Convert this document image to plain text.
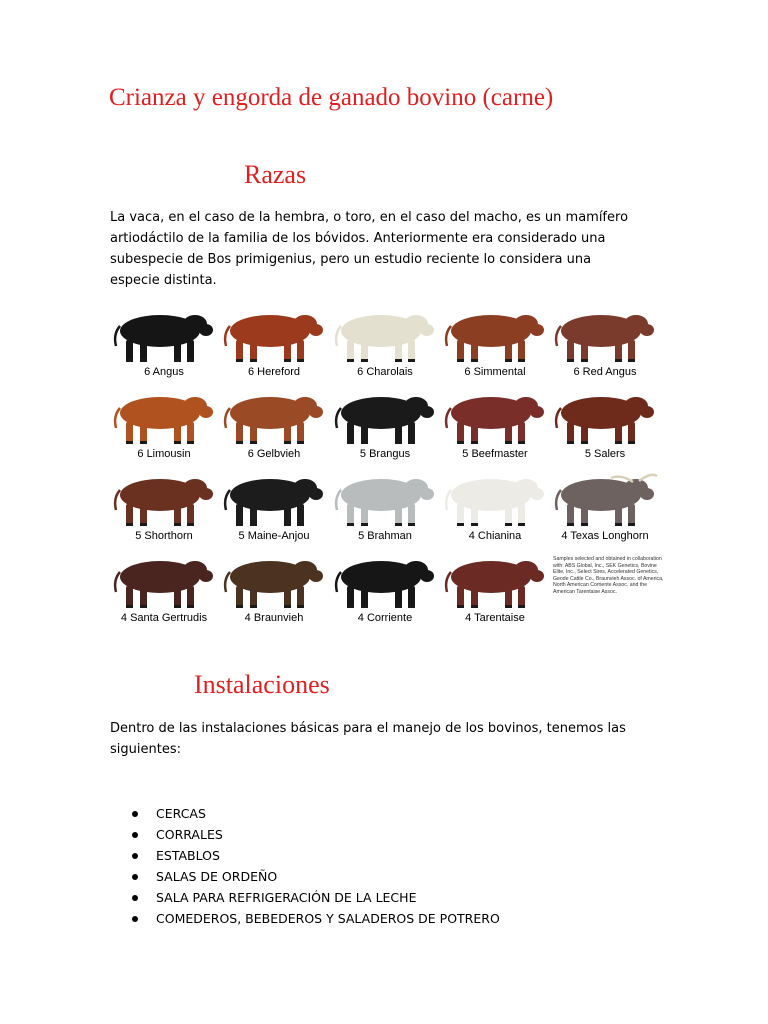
Crianza y engorda de ganado bovino (carne)
Razas

La vaca, en el caso de la hembra, o toro, en el caso del macho, es un mamífero artiodáctilo de la familia de los bóvidos. Anteriormente era considerado una subespecie de Bos primigenius, pero un estudio reciente lo considera una especie distinta.

Samples selected and obtained in collaboration with: ABS Global, Inc., SEK Genetics, Bovine Elite, Inc., Select Sires, Accelerated Genetics, Geode Cattle Co., Braunvieh Assoc. of America, North American Corriente Assoc. and the American Tarentaise Assoc.
6 Angus	6 Hereford	6 Charolais	6 Simmental	6 Red Angus
6 Limousin	6 Gelbvieh	5 Brangus	5 Beefmaster	5 Salers
5 Shorthorn	5 Maine-Anjou	5 Brahman	4 Chianina	4 Texas Longhorn
4 Santa Gertrudis	4 Braunvieh	4 Corriente	4 Tarentaise
Instalaciones

Dentro de las instalaciones básicas para el manejo de los bovinos, tenemos las siguientes:

CERCAS
CORRALES
ESTABLOS
SALAS DE ORDEÑO
SALA PARA REFRIGERACIÓN DE LA LECHE
COMEDEROS, BEBEDEROS Y SALADEROS DE POTRERO
